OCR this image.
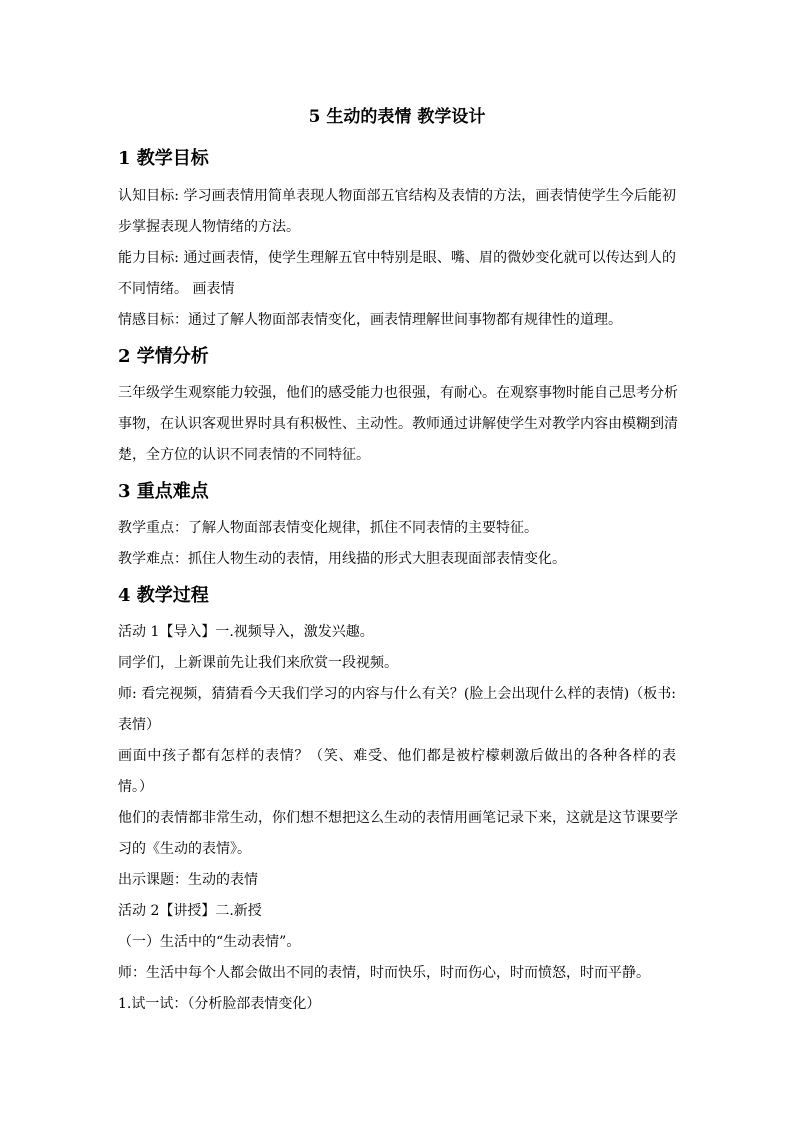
5 生动的表情 教学设计
1 教学目标
认知目标: 学习画表情用简单表现人物面部五官结构及表情的方法，画表情使学生今后能初
步掌握表现人物情绪的方法。
能力目标: 通过画表情，使学生理解五官中特别是眼、嘴、眉的微妙变化就可以传达到人的
不同情绪。 画表情
情感目标：通过了解人物面部表情变化，画表情理解世间事物都有规律性的道理。
2 学情分析
三年级学生观察能力较强，他们的感受能力也很强，有耐心。在观察事物时能自己思考分析
事物，在认识客观世界时具有积极性、主动性。教师通过讲解使学生对教学内容由模糊到清
楚，全方位的认识不同表情的不同特征。
3 重点难点
教学重点：了解人物面部表情变化规律，抓住不同表情的主要特征。
教学难点：抓住人物生动的表情，用线描的形式大胆表现面部表情变化。
4 教学过程
活动 1【导入】一.视频导入，激发兴趣。
同学们，上新课前先让我们来欣赏一段视频。
师: 看完视频，猜猜看今天我们学习的内容与什么有关？(脸上会出现什么样的表情)（板书:
表情）
画面中孩子都有怎样的表情？（笑、难受、他们都是被柠檬刺激后做出的各种各样的表
情。）
他们的表情都非常生动，你们想不想把这么生动的表情用画笔记录下来，这就是这节课要学
习的《生动的表情》。
出示课题：生动的表情
活动 2【讲授】二.新授
（一）生活中的“生动表情”。
师：生活中每个人都会做出不同的表情，时而快乐，时而伤心，时而愤怒，时而平静。
1.试一试：（分析脸部表情变化）
